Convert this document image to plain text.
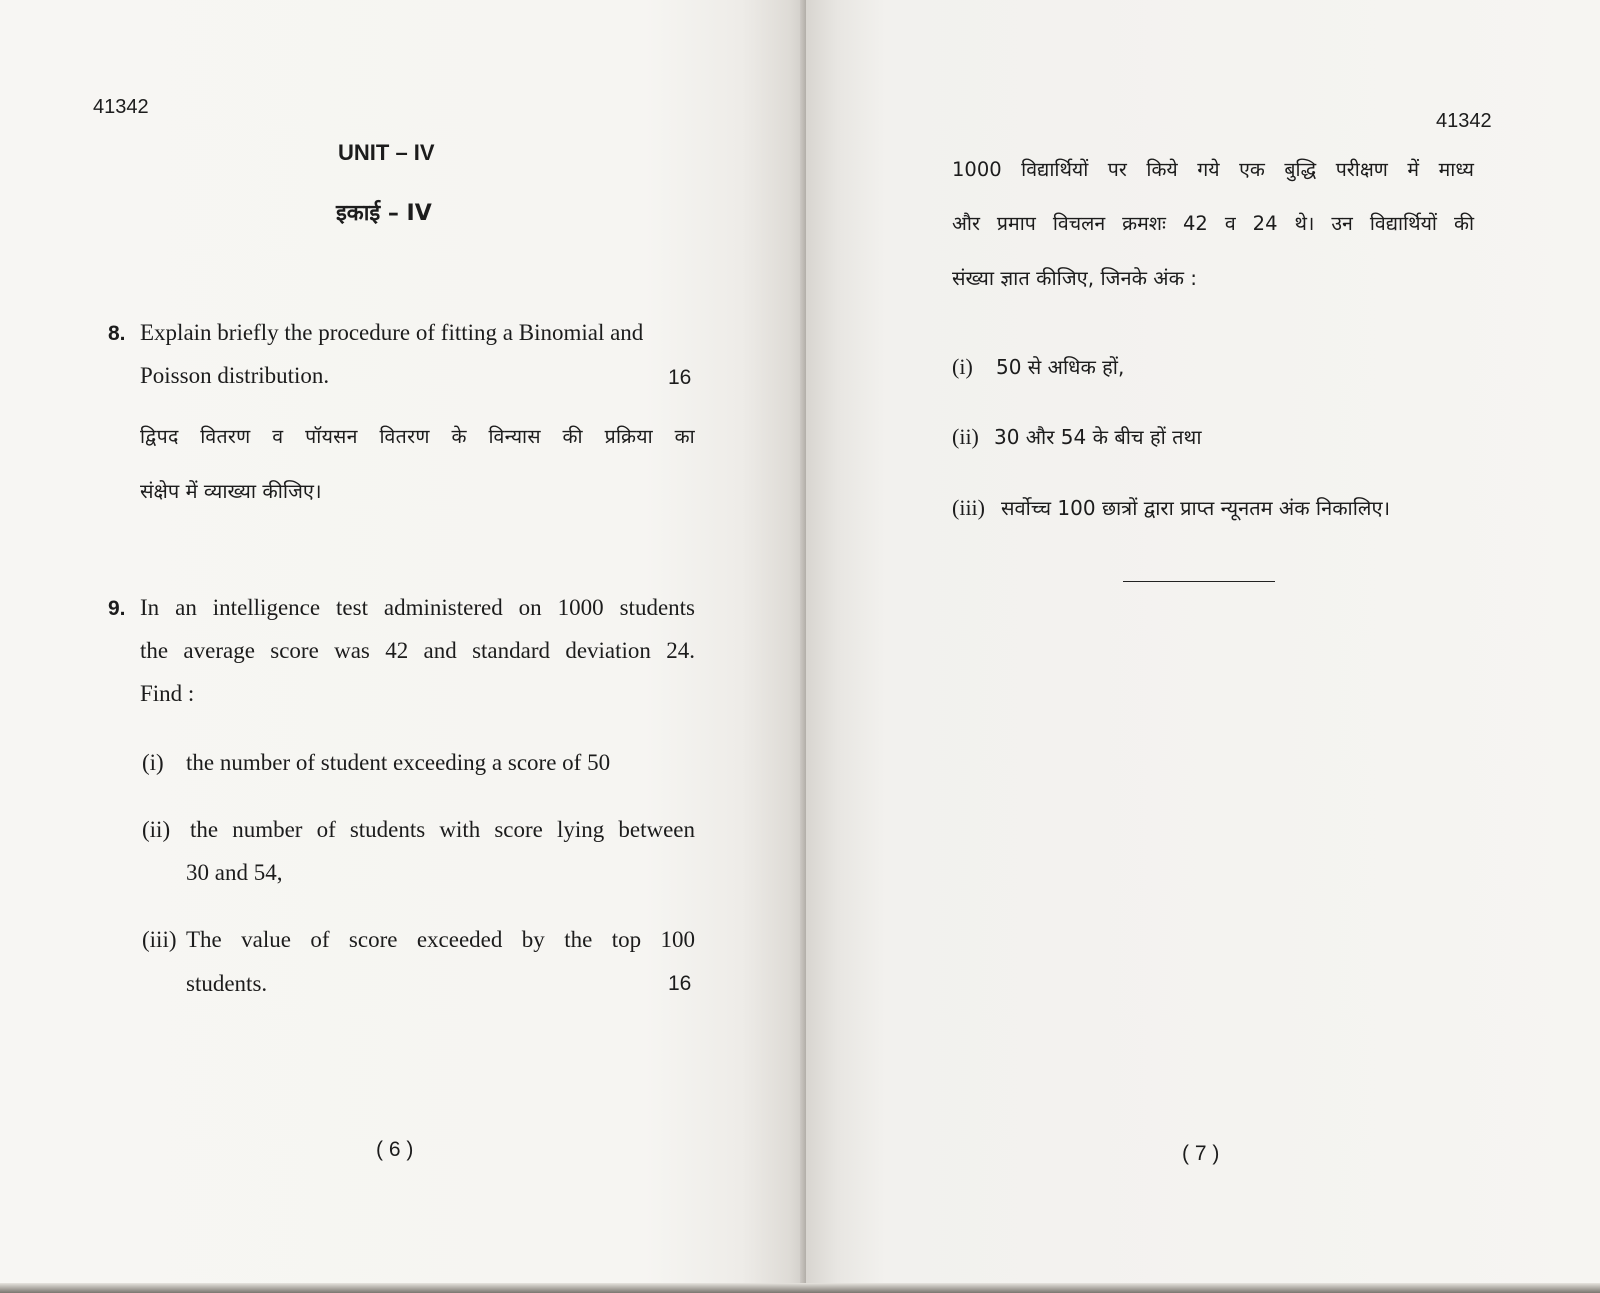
41342
UNIT – IV
इकाई – IV
8. Explain briefly the procedure of fitting a Binomial and
Poisson distribution.	16
द्विपद वितरण व पॉयसन वितरण के विन्यास की प्रक्रिया का
संक्षेप में व्याख्या कीजिए।
9. In an intelligence test administered on 1000 students
the average score was 42 and standard deviation 24.
Find :
(i) the number of student exceeding a score of 50
(ii) the number of students with score lying between
30 and 54,
(iii) The value of score exceeded by the top 100
students.	16
( 6 )
41342
1000 विद्यार्थियों पर किये गये एक बुद्धि परीक्षण में माध्य
और प्रमाप विचलन क्रमशः 42 व 24 थे। उन विद्यार्थियों की
संख्या ज्ञात कीजिए, जिनके अंक :
(i) 50 से अधिक हों,
(ii) 30 और 54 के बीच हों तथा
(iii) सर्वोच्च 100 छात्रों द्वारा प्राप्त न्यूनतम अंक निकालिए।
( 7 )
